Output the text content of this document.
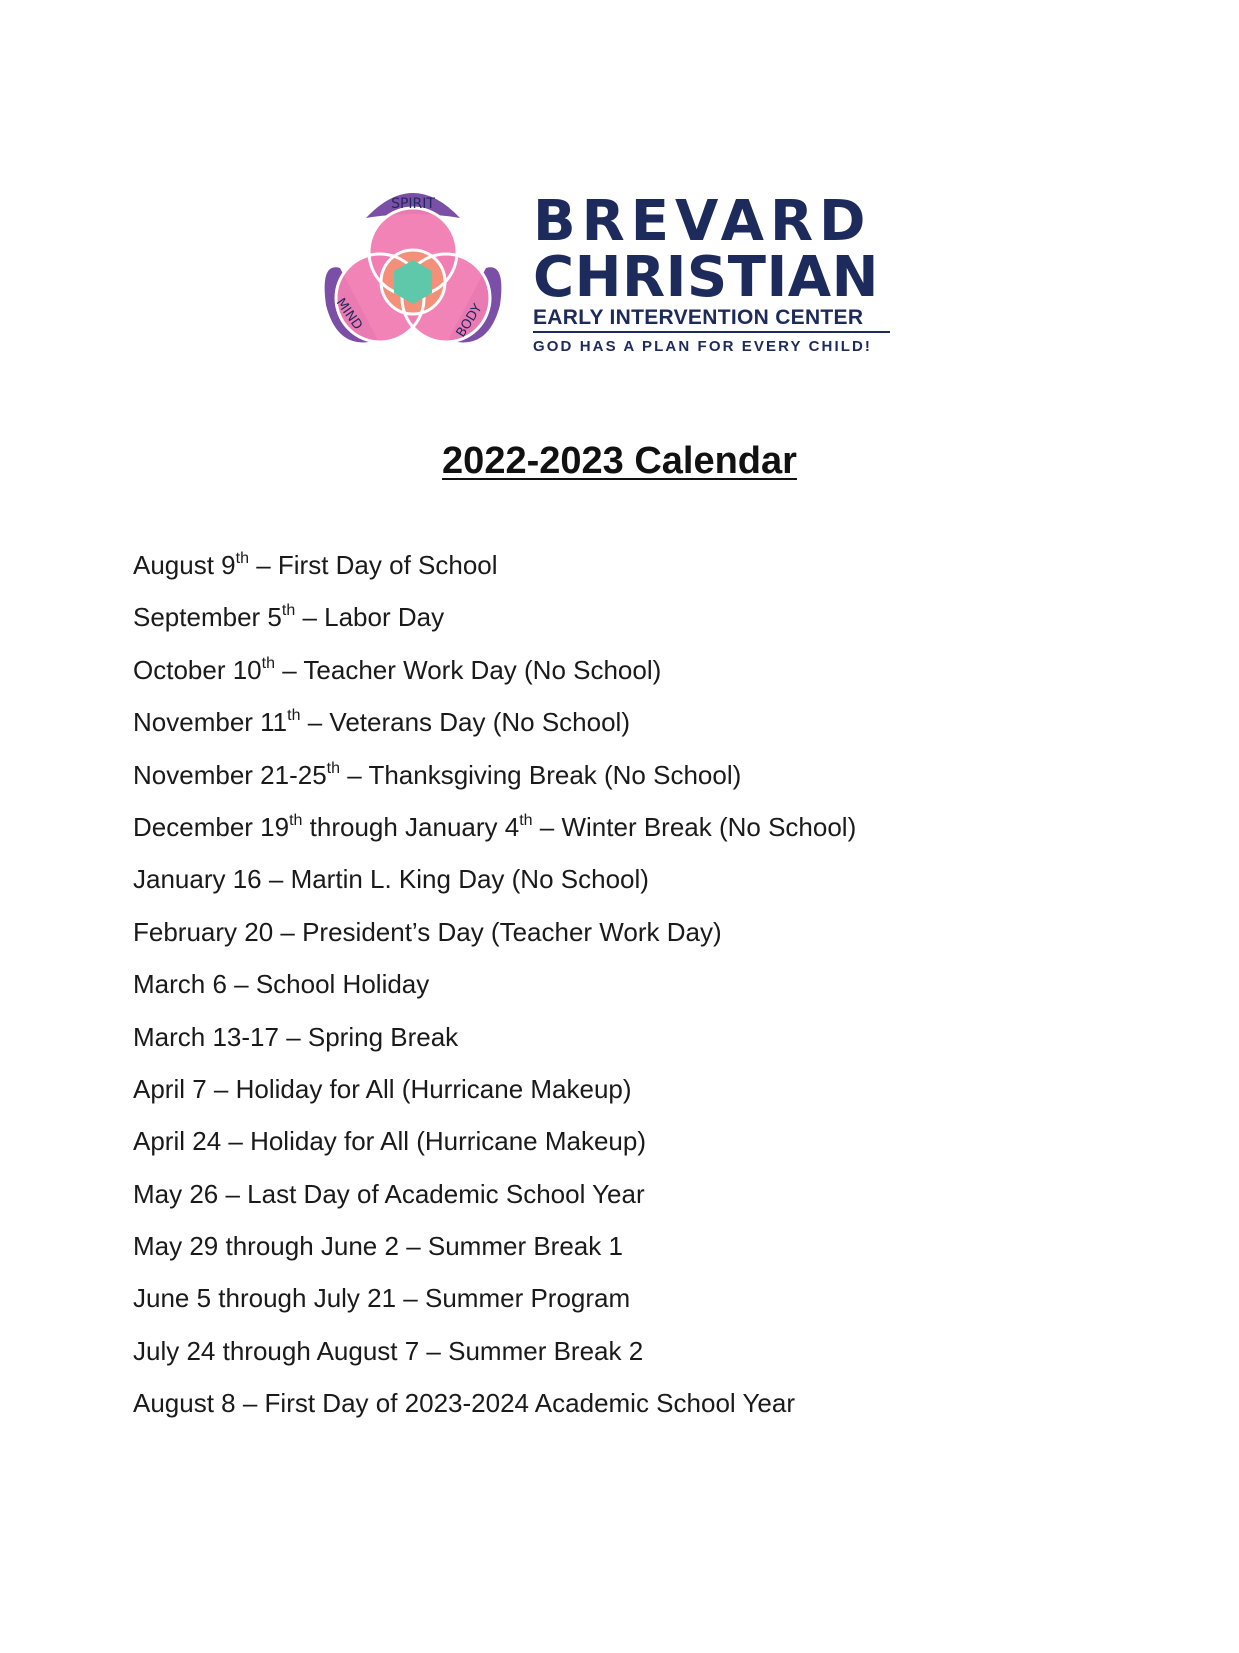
SPIRIT
MIND	BODY
BREVARD
CHRISTIAN
EARLY INTERVENTION CENTER
GOD HAS A PLAN FOR EVERY CHILD!
2022-2023 Calendar
August 9th – First Day of School
September 5th – Labor Day
October 10th – Teacher Work Day (No School)
November 11th – Veterans Day (No School)
November 21-25th – Thanksgiving Break (No School)
December 19th through January 4th – Winter Break (No School)
January 16 – Martin L. King Day (No School)
February 20 – President’s Day (Teacher Work Day)
March 6 – School Holiday
March 13-17 – Spring Break
April 7 – Holiday for All (Hurricane Makeup)
April 24 – Holiday for All (Hurricane Makeup)
May 26 – Last Day of Academic School Year
May 29 through June 2 – Summer Break 1
June 5 through July 21 – Summer Program
July 24 through August 7 – Summer Break 2
August 8 – First Day of 2023-2024 Academic School Year
